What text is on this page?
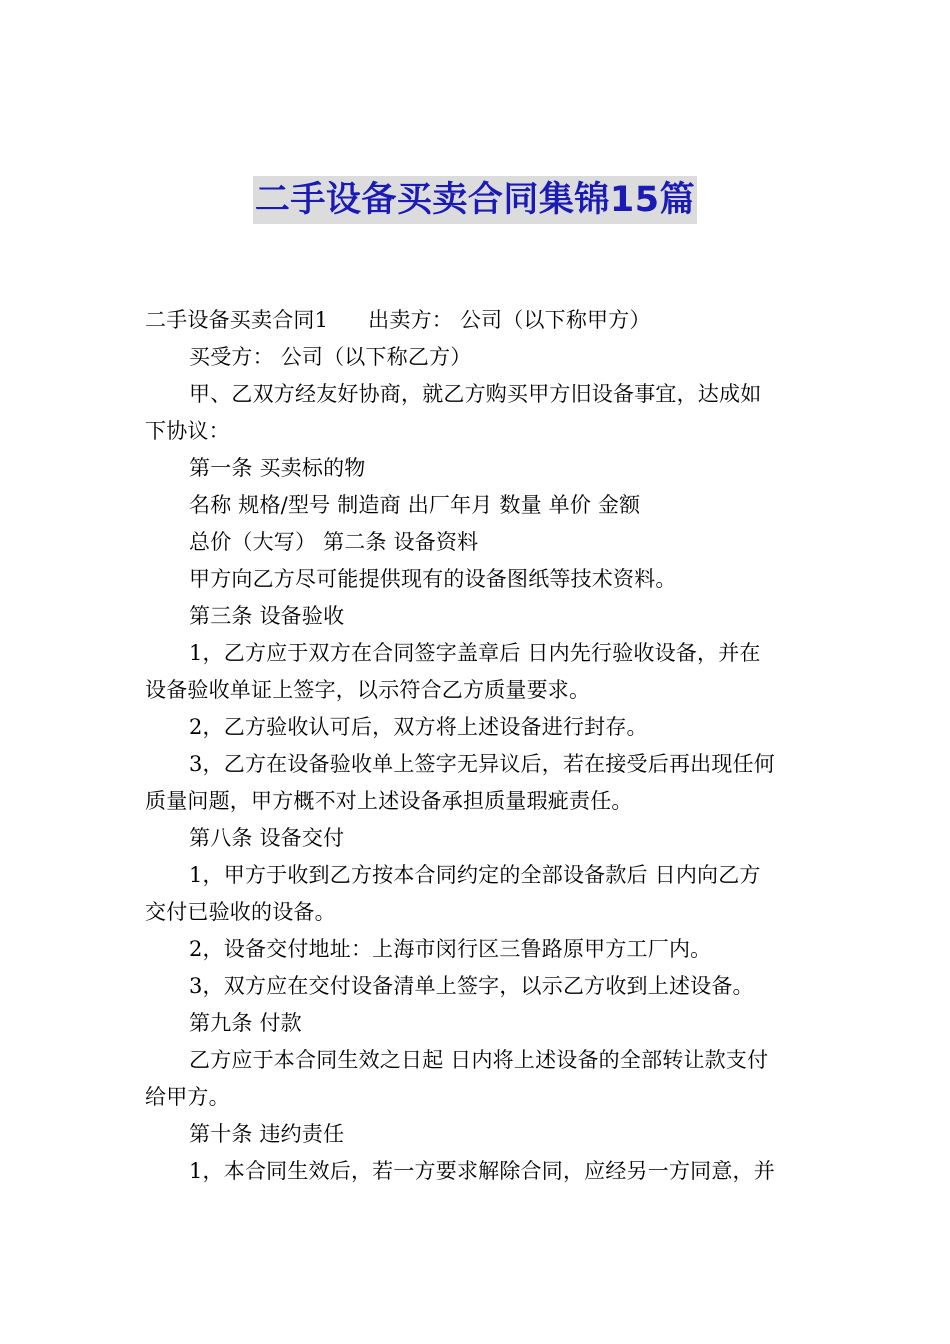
二手设备买卖合同集锦15篇
二手设备买卖合同1 出卖方： 公司（以下称甲方）
买受方： 公司（以下称乙方）
甲、乙双方经友好协商，就乙方购买甲方旧设备事宜，达成如
下协议：
第一条 买卖标的物
名称 规格/型号 制造商 出厂年月 数量 单价 金额
总价（大写） 第二条 设备资料
甲方向乙方尽可能提供现有的设备图纸等技术资料。
第三条 设备验收
1，乙方应于双方在合同签字盖章后 日内先行验收设备，并在
设备验收单证上签字，以示符合乙方质量要求。
2，乙方验收认可后，双方将上述设备进行封存。
3，乙方在设备验收单上签字无异议后，若在接受后再出现任何
质量问题，甲方概不对上述设备承担质量瑕疵责任。
第八条 设备交付
1，甲方于收到乙方按本合同约定的全部设备款后 日内向乙方
交付已验收的设备。
2，设备交付地址：上海市闵行区三鲁路原甲方工厂内。
3，双方应在交付设备清单上签字，以示乙方收到上述设备。
第九条 付款
乙方应于本合同生效之日起 日内将上述设备的全部转让款支付
给甲方。
第十条 违约责任
1，本合同生效后，若一方要求解除合同，应经另一方同意，并
